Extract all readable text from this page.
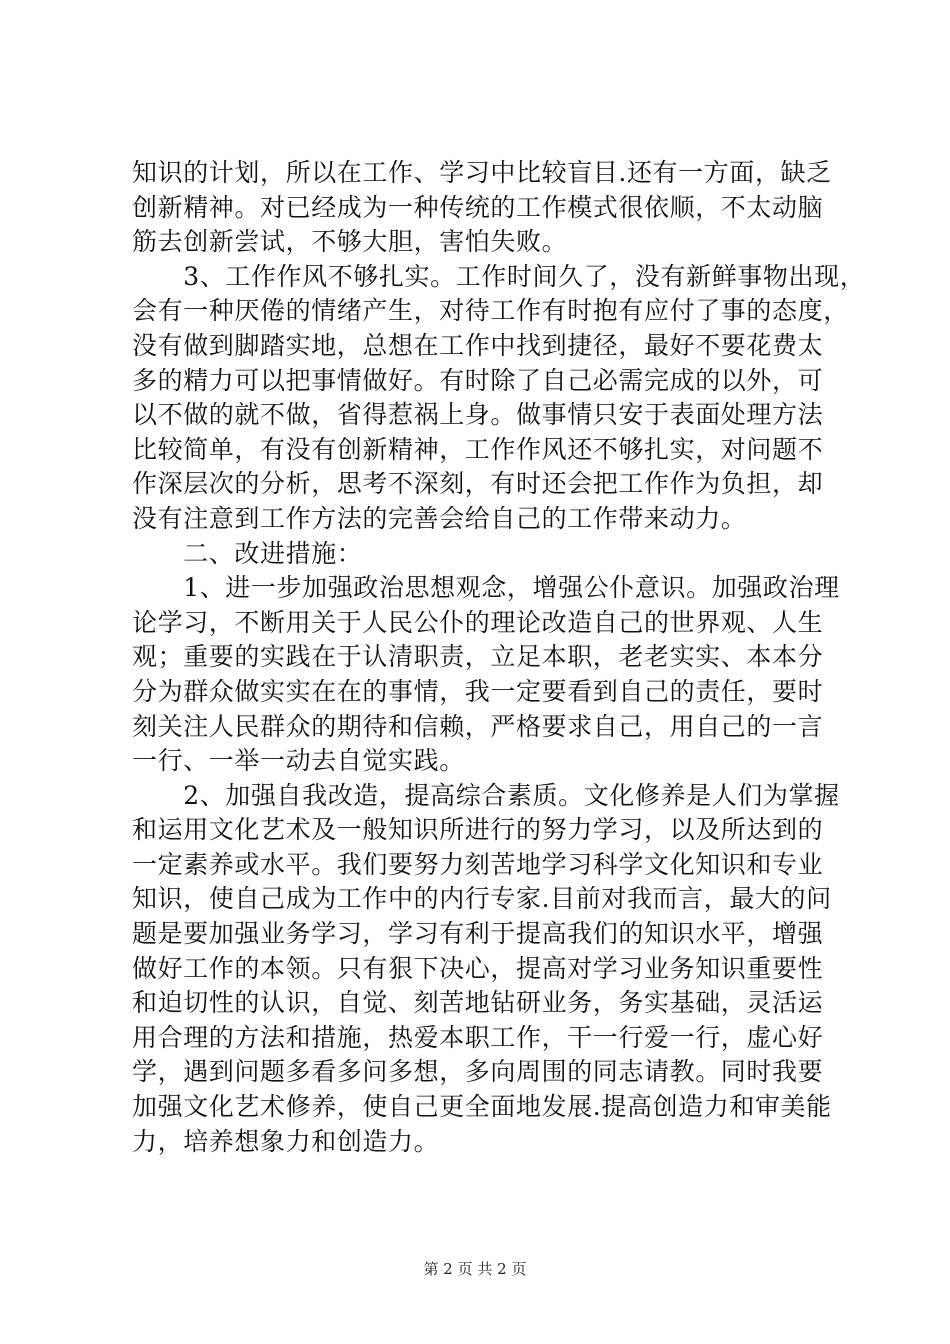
知识的计划，所以在工作、学习中比较盲目.还有一方面，缺乏
创新精神。对已经成为一种传统的工作模式很依顺，不太动脑
筋去创新尝试，不够大胆，害怕失败。
　　3、工作作风不够扎实。工作时间久了，没有新鲜事物出现，
会有一种厌倦的情绪产生，对待工作有时抱有应付了事的态度，
没有做到脚踏实地，总想在工作中找到捷径，最好不要花费太
多的精力可以把事情做好。有时除了自己必需完成的以外，可
以不做的就不做，省得惹祸上身。做事情只安于表面处理方法
比较简单，有没有创新精神，工作作风还不够扎实，对问题不
作深层次的分析，思考不深刻，有时还会把工作作为负担，却
没有注意到工作方法的完善会给自己的工作带来动力。
　　二、改进措施：
　　1、进一步加强政治思想观念，增强公仆意识。加强政治理
论学习，不断用关于人民公仆的理论改造自己的世界观、人生
观；重要的实践在于认清职责，立足本职，老老实实、本本分
分为群众做实实在在的事情，我一定要看到自己的责任，要时
刻关注人民群众的期待和信赖，严格要求自己，用自己的一言
一行、一举一动去自觉实践。
　　2、加强自我改造，提高综合素质。文化修养是人们为掌握
和运用文化艺术及一般知识所进行的努力学习，以及所达到的
一定素养或水平。我们要努力刻苦地学习科学文化知识和专业
知识，使自己成为工作中的内行专家.目前对我而言，最大的问
题是要加强业务学习，学习有利于提高我们的知识水平，增强
做好工作的本领。只有狠下决心，提高对学习业务知识重要性
和迫切性的认识，自觉、刻苦地钻研业务，务实基础，灵活运
用合理的方法和措施，热爱本职工作，干一行爱一行，虚心好
学，遇到问题多看多问多想，多向周围的同志请教。同时我要
加强文化艺术修养，使自己更全面地发展.提高创造力和审美能
力，培养想象力和创造力。
第 2 页 共 2 页
